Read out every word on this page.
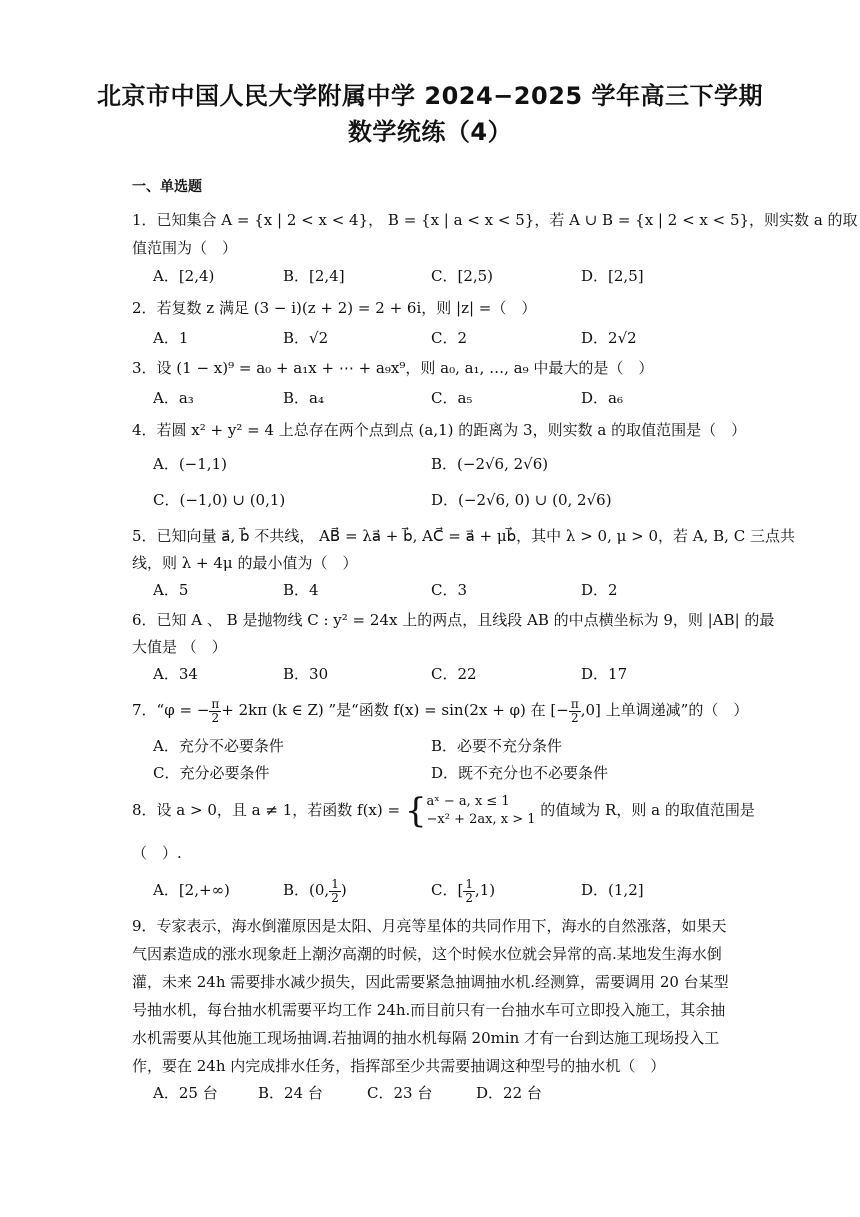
北京市中国人民大学附属中学 2024−2025 学年高三下学期
数学统练（4）
一、单选题
1．已知集合 A = {x | 2 < x < 4}， B = {x | a < x < 5}，若 A ∪ B = {x | 2 < x < 5}，则实数 a 的取
值范围为（　）
A．[2,4)	B．[2,4]	C．[2,5)	D．[2,5]
2．若复数 z 满足 (3 − i)(z + 2) = 2 + 6i，则 |z| =（　）
A．1	B．√2	C．2	D．2√2
3．设 (1 − x)⁹ = a₀ + a₁x + ⋯ + a₉x⁹，则 a₀, a₁, …, a₉ 中最大的是（　）
A．a₃	B．a₄	C．a₅	D．a₆
4．若圆 x² + y² = 4 上总存在两个点到点 (a,1) 的距离为 3，则实数 a 的取值范围是（　）
A．(−1,1)	B．(−2√6, 2√6)
C．(−1,0) ∪ (0,1)	D．(−2√6, 0) ∪ (0, 2√6)
5．已知向量 a⃗, b⃗ 不共线， AB⃗ = λa⃗ + b⃗, AC⃗ = a⃗ + μb⃗，其中 λ > 0, μ > 0，若 A, B, C 三点共
线，则 λ + 4μ 的最小值为（　）
A．5	B．4	C．3	D．2
6．已知 A 、 B 是抛物线 C : y² = 24x 上的两点，且线段 AB 的中点横坐标为 9，则 |AB| 的最
大值是 （　）
A．34	B．30	C．22	D．17
7．“φ = − $\frac{\pi}{2} + 2k\pi$ (k ∈ Z) ”是“函数 f(x) = sin(2x + φ) 在 [− $\frac{\pi}{2} ,0$] 上单调递减”的（　）
A．充分不必要条件	B．必要不充分条件
C．充分必要条件	D．既不充分也不必要条件
8．设 a > 0，且 a ≠ 1，若函数 f(x) = { aˣ − a, x ≤ 1
−x² + 2ax, x > 1
的值域为 R，则 a 的取值范围是
（　）.
A．[2,+∞)	B．(0, $\frac{1}{2}$ )	C．[ $\frac{1}{2} ,1$)	D．(1,2]
9．专家表示，海水倒灌原因是太阳、月亮等星体的共同作用下，海水的自然涨落，如果天
气因素造成的涨水现象赶上潮汐高潮的时候，这个时候水位就会异常的高.某地发生海水倒
灌，未来 24h 需要排水减少损失，因此需要紧急抽调抽水机.经测算，需要调用 20 台某型
号抽水机，每台抽水机需要平均工作 24h.而目前只有一台抽水车可立即投入施工，其余抽
水机需要从其他施工现场抽调.若抽调的抽水机每隔 20min 才有一台到达施工现场投入工
作，要在 24h 内完成排水任务，指挥部至少共需要抽调这种型号的抽水机（　）
A．25 台	B．24 台	C．23 台	D．22 台
